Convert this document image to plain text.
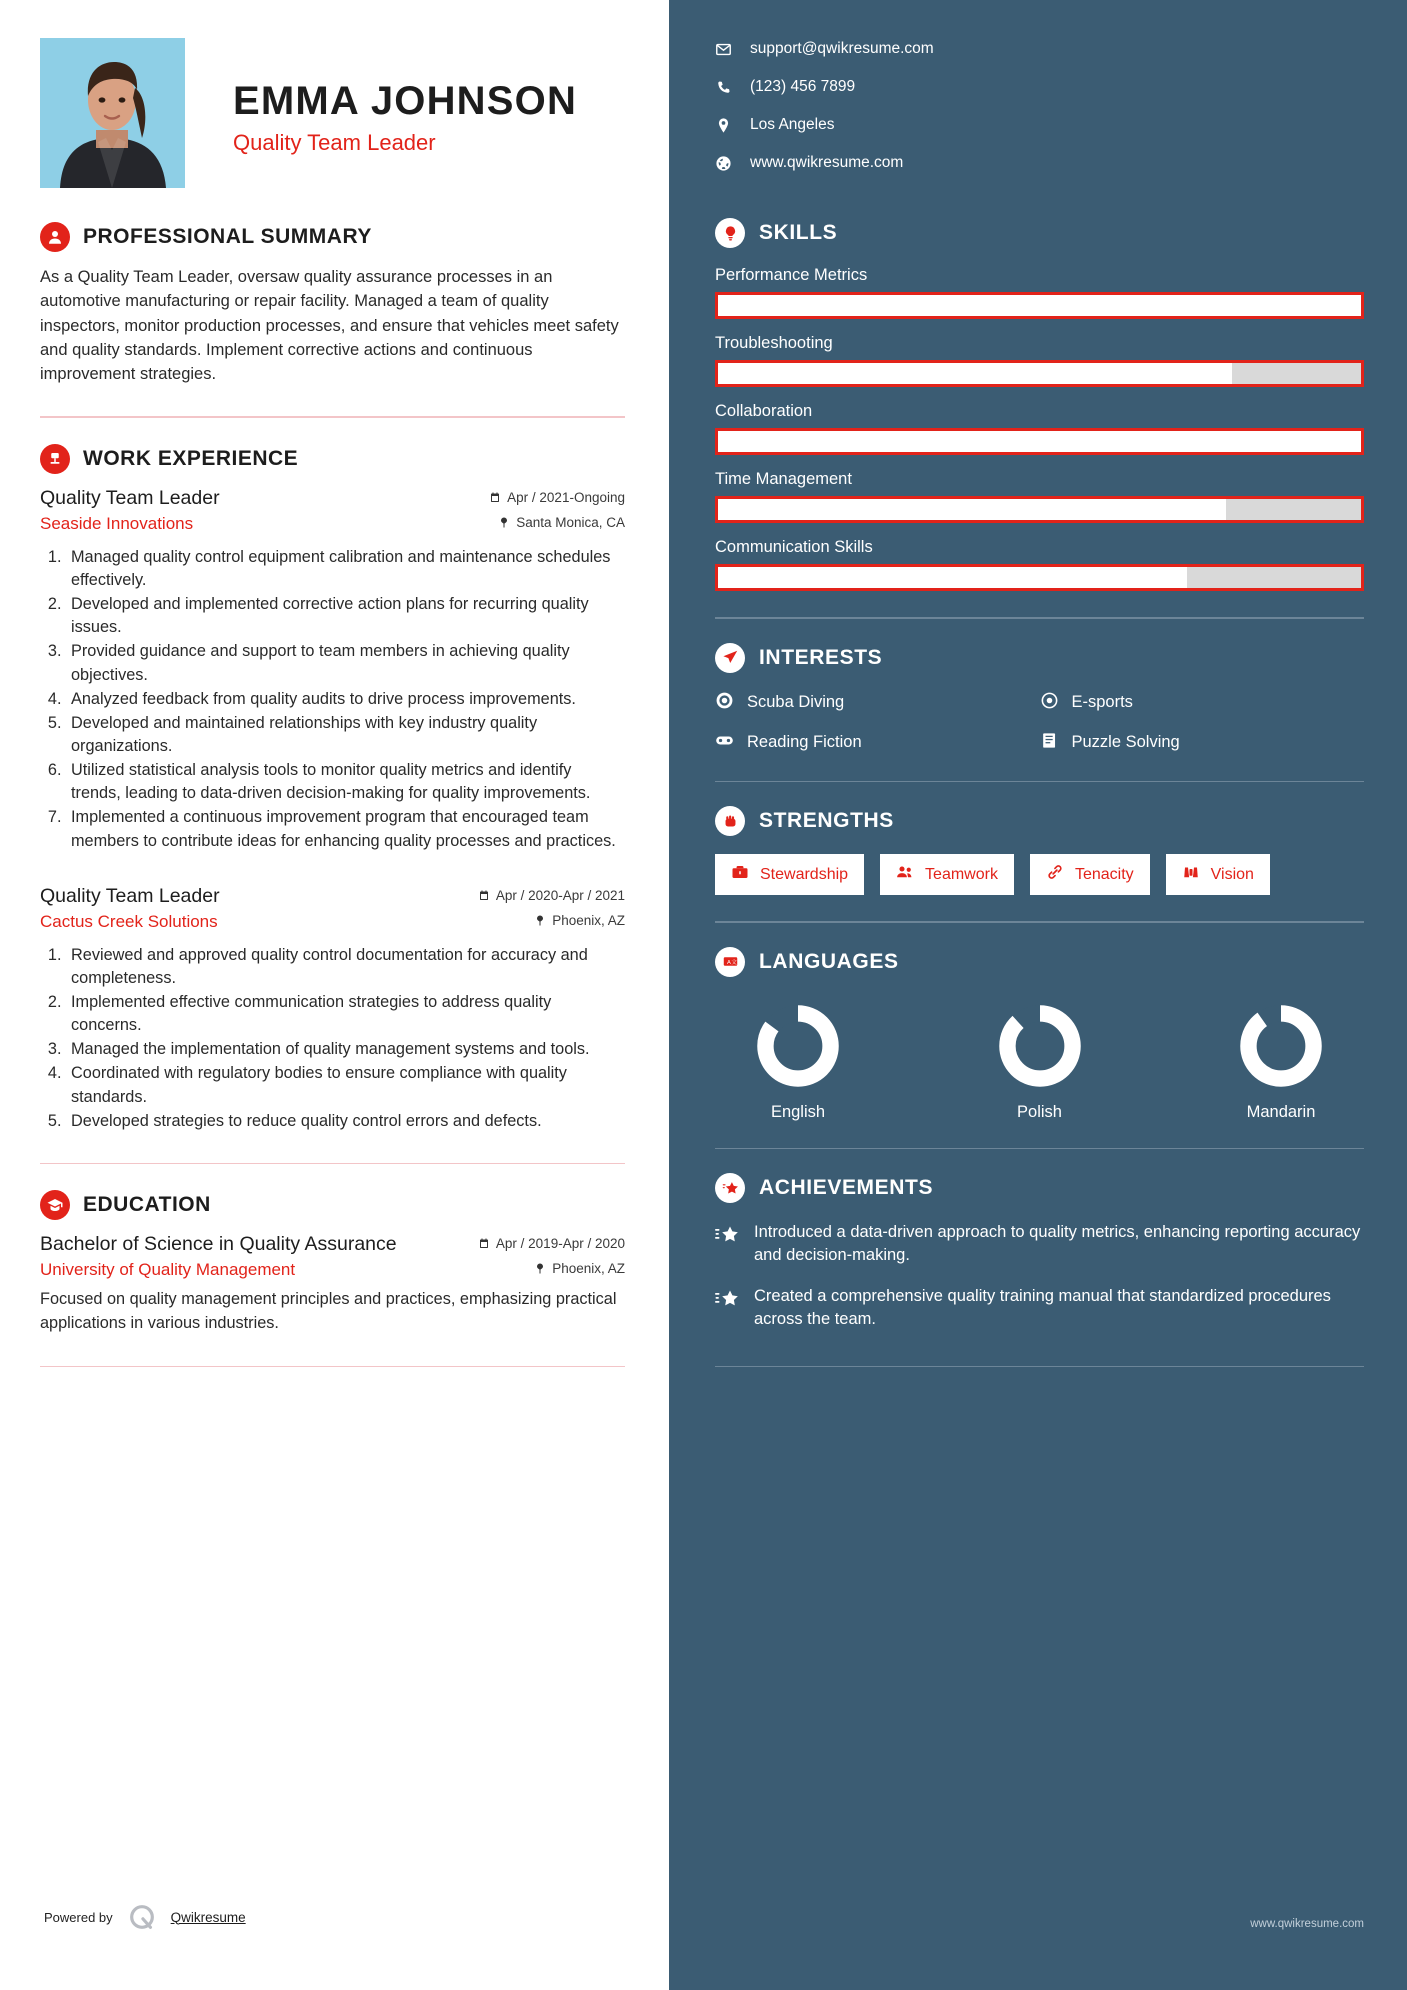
EMMA JOHNSON
Quality Team Leader
PROFESSIONAL SUMMARY
As a Quality Team Leader, oversaw quality assurance processes in an automotive manufacturing or repair facility. Managed a team of quality inspectors, monitor production processes, and ensure that vehicles meet safety and quality standards. Implement corrective actions and continuous improvement strategies.
WORK EXPERIENCE
Quality Team Leader	Apr / 2021-Ongoing
Seaside Innovations	Santa Monica, CA
1. Managed quality control equipment calibration and maintenance schedules effectively.
2. Developed and implemented corrective action plans for recurring quality issues.
3. Provided guidance and support to team members in achieving quality objectives.
4. Analyzed feedback from quality audits to drive process improvements.
5. Developed and maintained relationships with key industry quality organizations.
6. Utilized statistical analysis tools to monitor quality metrics and identify trends, leading to data-driven decision-making for quality improvements.
7. Implemented a continuous improvement program that encouraged team members to contribute ideas for enhancing quality processes and practices.
Quality Team Leader	Apr / 2020-Apr / 2021
Cactus Creek Solutions	Phoenix, AZ
1. Reviewed and approved quality control documentation for accuracy and completeness.
2. Implemented effective communication strategies to address quality concerns.
3. Managed the implementation of quality management systems and tools.
4. Coordinated with regulatory bodies to ensure compliance with quality standards.
5. Developed strategies to reduce quality control errors and defects.
EDUCATION
Bachelor of Science in Quality Assurance	Apr / 2019-Apr / 2020
University of Quality Management	Phoenix, AZ
Focused on quality management principles and practices, emphasizing practical applications in various industries.
Powered by	Qwikresume
support@qwikresume.com
(123) 456 7899
Los Angeles
www.qwikresume.com
SKILLS
Performance Metrics
Troubleshooting
Collaboration
Time Management
Communication Skills
INTERESTS
Scuba Diving	E-sports
Reading Fiction	Puzzle Solving
STRENGTHS
Stewardship	Teamwork	Tenacity	Vision
A 文 LANGUAGES
English	Polish	Mandarin
ACHIEVEMENTS
Introduced a data-driven approach to quality metrics, enhancing reporting accuracy and decision-making.
Created a comprehensive quality training manual that standardized procedures across the team.
www.qwikresume.com
